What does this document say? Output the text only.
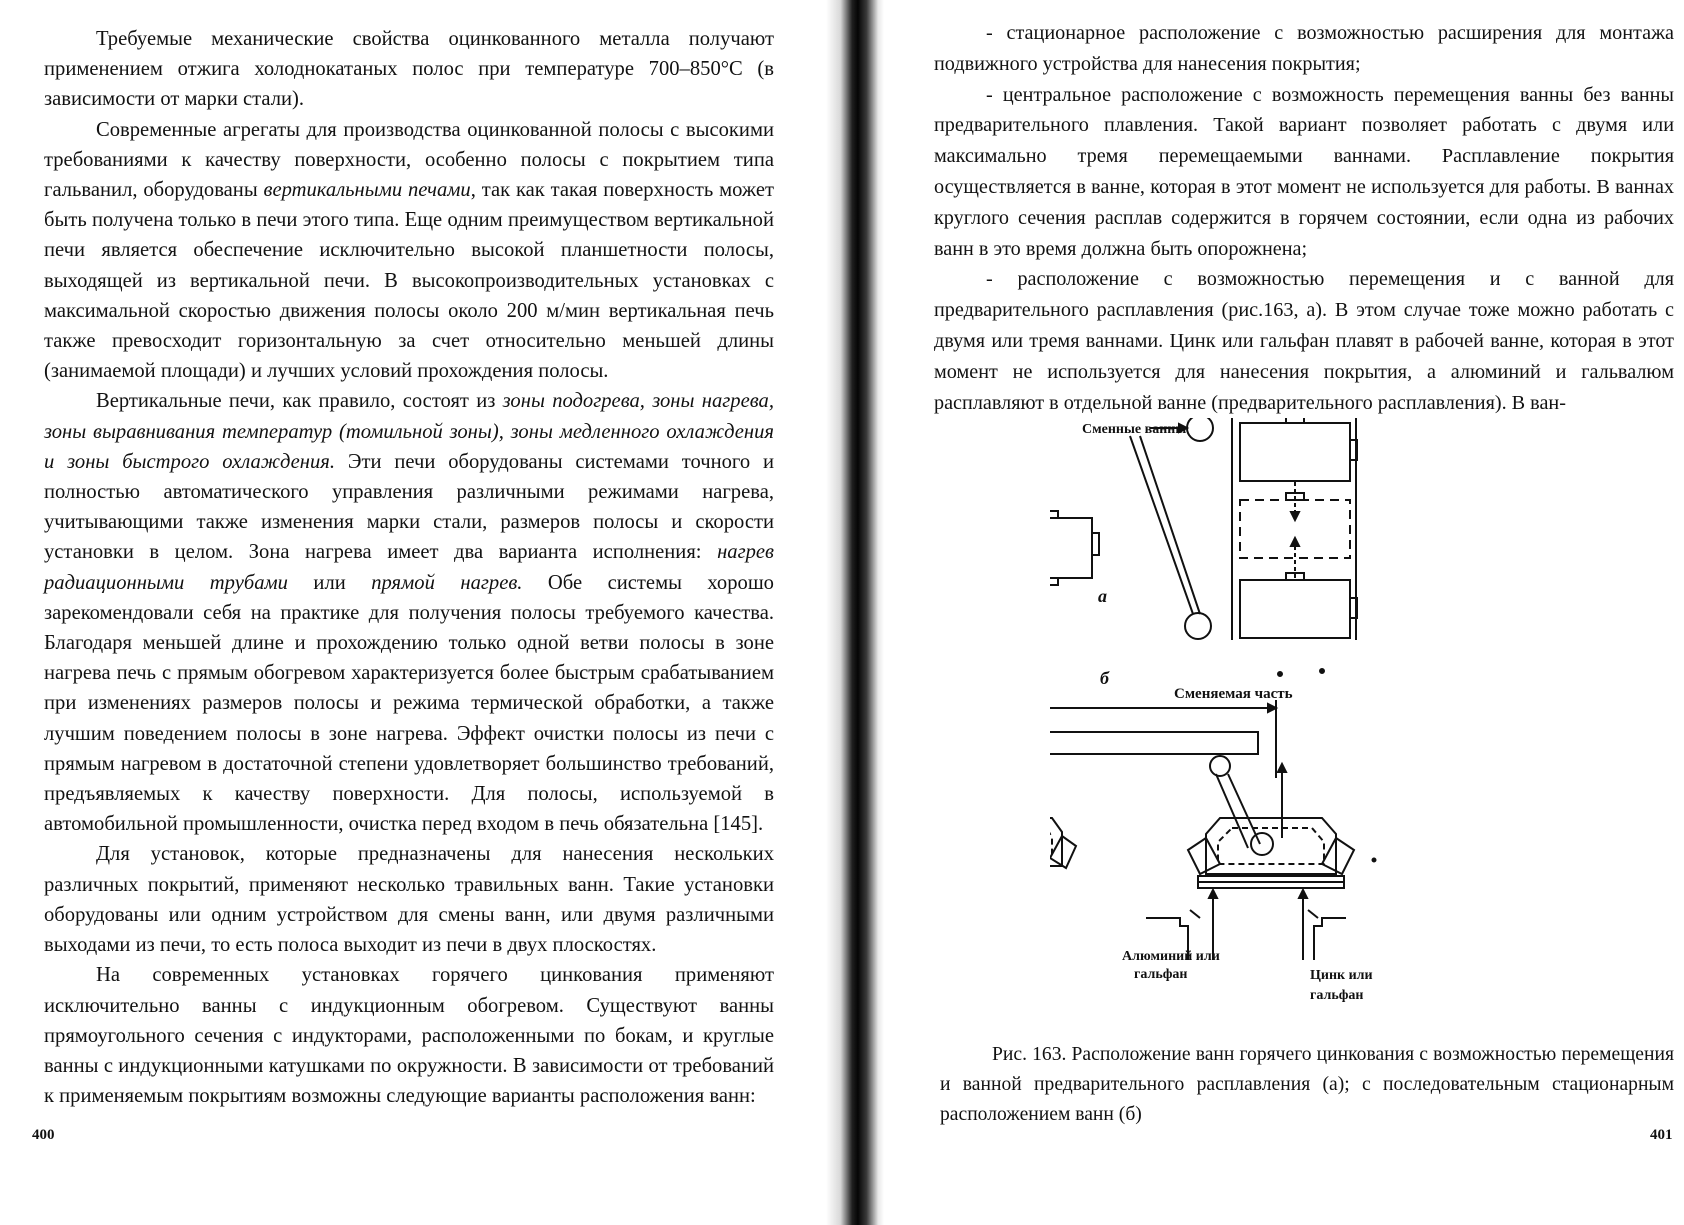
Требуемые механические свойства оцинкованного металла получают применением отжига холоднокатаных полос при температуре 700–850°С (в зависимости от марки стали).

Современные агрегаты для производства оцинкованной полосы с высокими требованиями к качеству поверхности, особенно полосы с покрытием типа гальванил, оборудованы вертикальными печами, так как такая поверхность может быть получена только в печи этого типа. Еще одним преимуществом вертикальной печи является обеспечение исключительно высокой планшетности полосы, выходящей из вертикальной печи. В высокопроизводительных установках с максимальной скоростью движения полосы около 200 м/мин вертикальная печь также превосходит горизонтальную за счет относительно меньшей длины (занимаемой площади) и лучших условий прохождения полосы.

Вертикальные печи, как правило, состоят из зоны подогрева, зоны нагрева, зоны выравнивания температур (томильной зоны), зоны медленного охлаждения и зоны быстрого охлаждения. Эти печи оборудованы системами точного и полностью автоматического управления различными режимами нагрева, учитывающими также изменения марки стали, размеров полосы и скорости установки в целом. Зона нагрева имеет два варианта исполнения: нагрев радиационными трубами или прямой нагрев. Обе системы хорошо зарекомендовали себя на практике для получения полосы требуемого качества. Благодаря меньшей длине и прохождению только одной ветви полосы в зоне нагрева печь с прямым обогревом характеризуется более быстрым срабатыванием при изменениях размеров полосы и режима термической обработки, а также лучшим поведением полосы в зоне нагрева. Эффект очистки полосы из печи с прямым нагревом в достаточной степени удовлетворяет большинство требований, предъявляемых к качеству поверхности. Для полосы, используемой в автомобильной промышленности, очистка перед входом в печь обязательна [145].

Для установок, которые предназначены для нанесения нескольких различных покрытий, применяют несколько травильных ванн. Такие установки оборудованы или одним устройством для смены ванн, или двумя различными выходами из печи, то есть полоса выходит из печи в двух плоскостях.

На современных установках горячего цинкования применяют исключительно ванны с индукционным обогревом. Существуют ванны прямоугольного сечения с индукторами, расположенными по бокам, и круглые ванны с индукционными катушками по окружности. В зависимости от требований к применяемым покрытиям возможны следующие варианты расположения ванн:

400

- стационарное расположение с возможностью расширения для монтажа подвижного устройства для нанесения покрытия;

- центральное расположение с возможность перемещения ванны без ванны предварительного плавления. Такой вариант позволяет работать с двумя или максимально тремя перемещаемыми ваннами. Расплавление покрытия осуществляется в ванне, которая в этот момент не используется для работы. В ваннах круглого сечения расплав содержится в горячем состоянии, если одна из рабочих ванн в это время должна быть опорожнена;

- расположение с возможностью перемещения и с ванной для предварительного расплавления (рис.163, а). В этом случае тоже можно работать с двумя или тремя ваннами. Цинк или гальфан плавят в рабочей ванне, которая в этот момент не используется для нанесения покрытия, а алюминий и гальвалюм расплавляют в отдельной ванне (предварительного расплавления). В ван-

Сменные ванны
а
б
Сменяемая часть
Алюминий или
гальфан	Цинк или
гальфан
Рис. 163. Расположение ванн горячего цинкования с возможностью перемещения и ванной предварительного расплавления (а); с последовательным стационарным расположением ванн (б)
401
